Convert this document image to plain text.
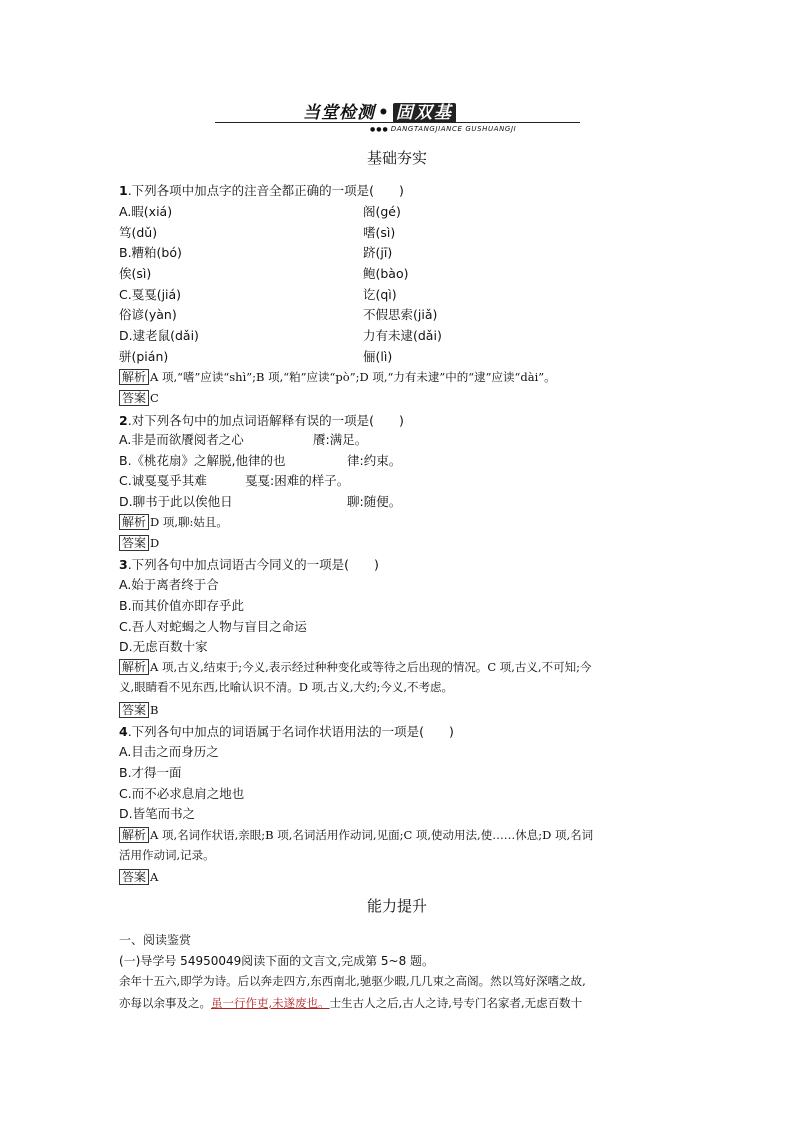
当堂检测 • 固双基
●●● DANGTANGJIANCE GUSHUANGJI
基础夯实
1.下列各项中加点字的注音全都正确的一项是(　　)
A.暇(xiá)	阁(gé)
笃(dǔ)	嗜(sì)
B.糟粕(bó)	跻(jī)
俟(sì)	鲍(bào)
C.戛戛(jiá)	讫(qì)
俗谚(yàn)	不假思索(jiǎ)
D.逮老鼠(dǎi)	力有未逮(dǎi)
骈(pián)	俪(lì)
解析 A 项,“嗜”应读“shì”;B 项,“粕”应读“pò”;D 项,“力有未逮”中的“逮”应读“dài”。
答案 C
2.对下列各句中的加点词语解释有误的一项是(　　)
A.非是而欲餍阅者之心	餍:满足。
B.《桃花扇》之解脱,他律的也	律:约束。
C.诚戛戛乎其难	戛戛:困难的样子。
D.聊书于此以俟他日	聊:随便。
解析 D 项,聊:姑且。
答案 D
3.下列各句中加点词语古今同义的一项是(　　)
A.始于离者终于合
B.而其价值亦即存乎此
C.吾人对蛇蝎之人物与盲目之命运
D.无虑百数十家
解析 A 项,古义,结束于;今义,表示经过种种变化或等待之后出现的情况。C 项,古义,不可知;今
义,眼睛看不见东西,比喻认识不清。D 项,古义,大约;今义,不考虑。
答案 B
4.下列各句中加点的词语属于名词作状语用法的一项是(　　)
A.目击之而身历之
B.才得一面
C.而不必求息肩之地也
D.皆笔而书之
解析 A 项,名词作状语,亲眼;B 项,名词活用作动词,见面;C 项,使动用法,使……休息;D 项,名词
活用作动词,记录。
答案 A
能力提升
一、阅读鉴赏
(一)导学号 54950049阅读下面的文言文,完成第 5~8 题。
余年十五六,即学为诗。后以奔走四方,东西南北,驰驱少暇,几几束之高阁。然以笃好深嗜之故,
亦每以余事及之。虽一行作吏,未遂废也。士生古人之后,古人之诗,号专门名家者,无虑百数十
